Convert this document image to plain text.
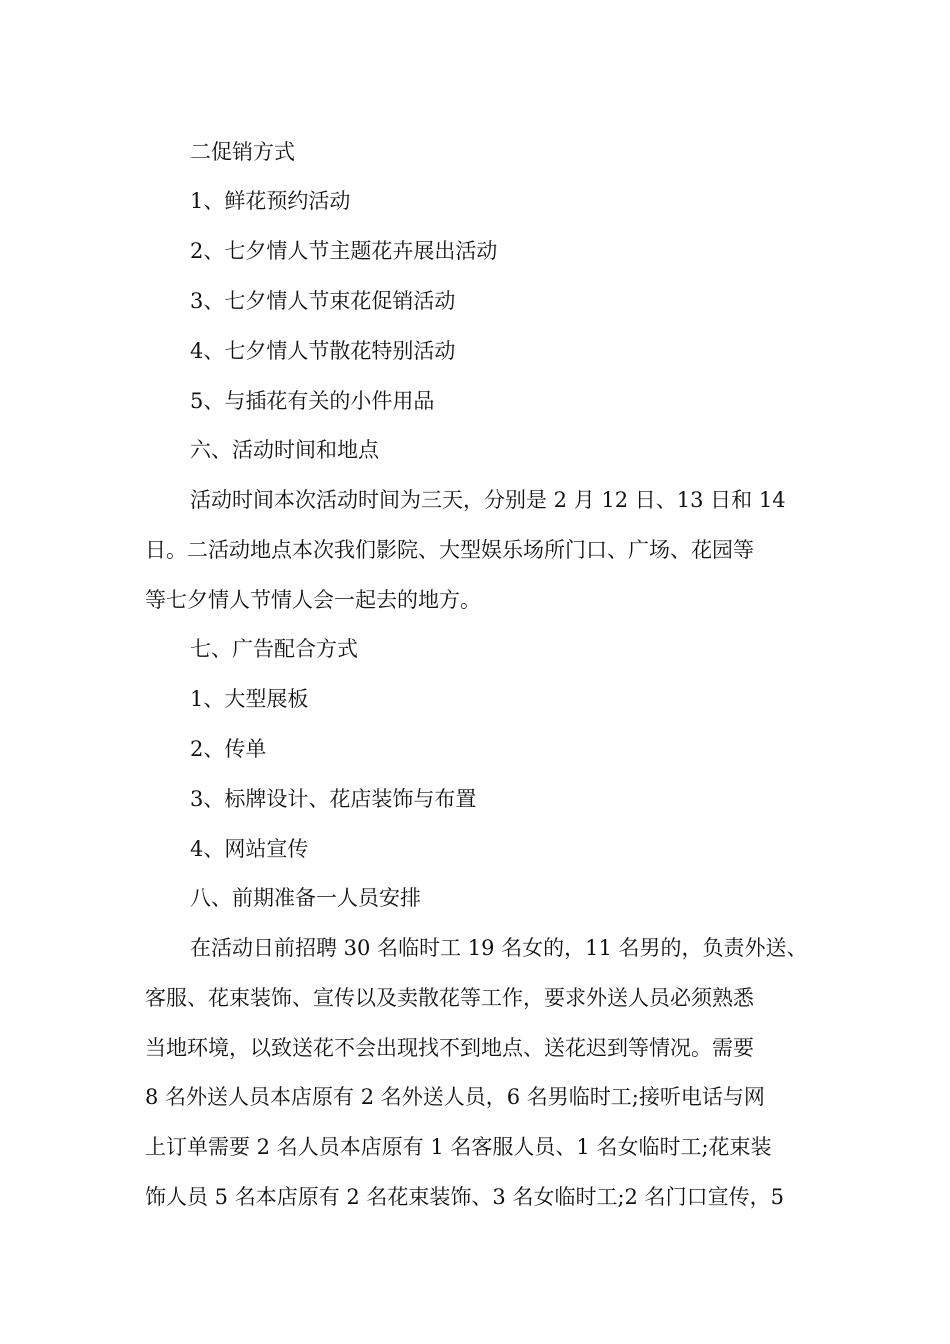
二促销方式
1、鲜花预约活动
2、七夕情人节主题花卉展出活动
3、七夕情人节束花促销活动
4、七夕情人节散花特别活动
5、与插花有关的小件用品
六、活动时间和地点
活动时间本次活动时间为三天，分别是 2 月 12 日、13 日和 14
日。二活动地点本次我们影院、大型娱乐场所门口、广场、花园等
等七夕情人节情人会一起去的地方。
七、广告配合方式
1、大型展板
2、传单
3、标牌设计、花店装饰与布置
4、网站宣传
八、前期准备一人员安排
在活动日前招聘 30 名临时工 19 名女的，11 名男的，负责外送、
客服、花束装饰、宣传以及卖散花等工作，要求外送人员必须熟悉
当地环境，以致送花不会出现找不到地点、送花迟到等情况。需要
8 名外送人员本店原有 2 名外送人员，6 名男临时工;接听电话与网
上订单需要 2 名人员本店原有 1 名客服人员、1 名女临时工;花束装
饰人员 5 名本店原有 2 名花束装饰、3 名女临时工;2 名门口宣传，5
